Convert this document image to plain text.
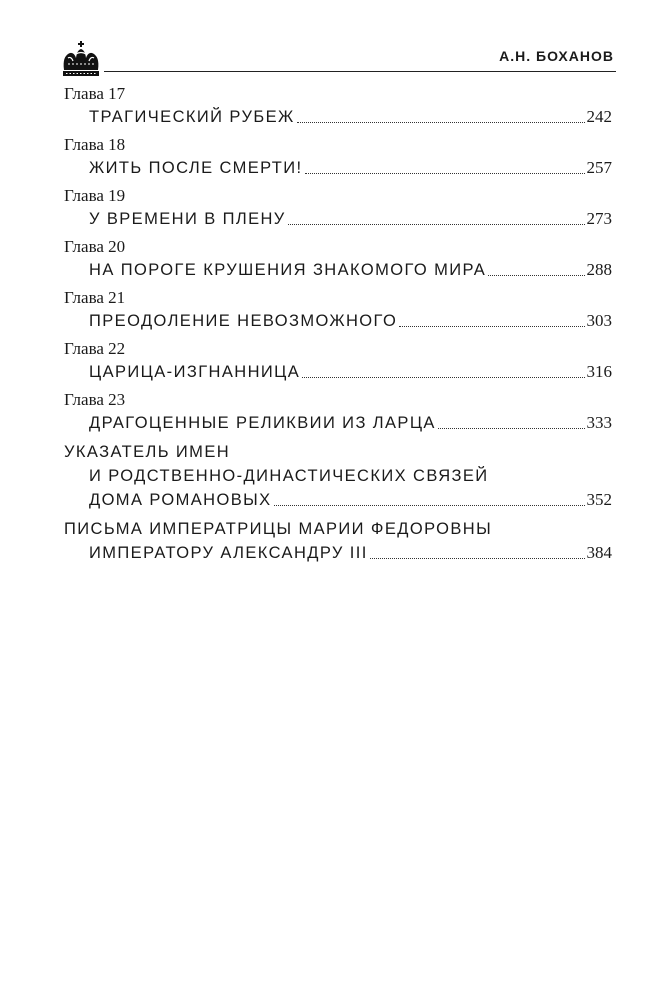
А.Н. БОХАНОВ
Глава 17
ТРАГИЧЕСКИЙ РУБЕЖ	242
Глава 18
ЖИТЬ ПОСЛЕ СМЕРТИ!	257
Глава 19
У ВРЕМЕНИ В ПЛЕНУ	273
Глава 20
НА ПОРОГЕ КРУШЕНИЯ ЗНАКОМОГО МИРА	288
Глава 21
ПРЕОДОЛЕНИЕ НЕВОЗМОЖНОГО	303
Глава 22
ЦАРИЦА-ИЗГНАННИЦА	316
Глава 23
ДРАГОЦЕННЫЕ РЕЛИКВИИ ИЗ ЛАРЦА	333
УКАЗАТЕЛЬ ИМЕН
И РОДСТВЕННО-ДИНАСТИЧЕСКИХ СВЯЗЕЙ
ДОМА РОМАНОВЫХ	352
ПИСЬМА ИМПЕРАТРИЦЫ МАРИИ ФЕДОРОВНЫ
ИМПЕРАТОРУ АЛЕКСАНДРУ III	384
